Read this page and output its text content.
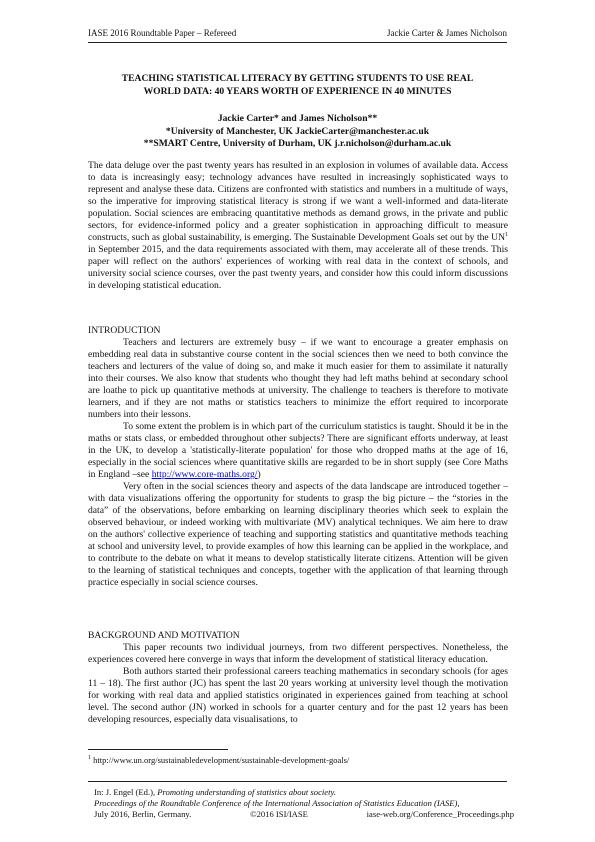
IASE 2016 Roundtable Paper – Refereed	Jackie Carter & James Nicholson
TEACHING STATISTICAL LITERACY BY GETTING STUDENTS TO USE REAL
WORLD DATA: 40 YEARS WORTH OF EXPERIENCE IN 40 MINUTES
Jackie Carter* and James Nicholson**
*University of Manchester, UK JackieCarter@manchester.ac.uk
**SMART Centre, University of Durham, UK j.r.nicholson@durham.ac.uk

The data deluge over the past twenty years has resulted in an explosion in volumes of available data. Access to data is increasingly easy; technology advances have resulted in increasingly sophisticated ways to represent and analyse these data. Citizens are confronted with statistics and numbers in a multitude of ways, so the imperative for improving statistical literacy is strong if we want a well-informed and data-literate population. Social sciences are embracing quantitative methods as demand grows, in the private and public sectors, for evidence-informed policy and a greater sophistication in approaching difficult to measure constructs, such as global sustainability, is emerging. The Sustainable Development Goals set out by the $UN^1$ in September 2015, and the data requirements associated with them, may accelerate all of these trends. This paper will reflect on the authors' experiences of working with real data in the context of schools, and university social science courses, over the past twenty years, and consider how this could inform discussions in developing statistical education.

INTRODUCTION

Teachers and lecturers are extremely busy – if we want to encourage a greater emphasis on embedding real data in substantive course content in the social sciences then we need to both convince the teachers and lecturers of the value of doing so, and make it much easier for them to assimilate it naturally into their courses. We also know that students who thought they had left maths behind at secondary school are loathe to pick up quantitative methods at university. The challenge to teachers is therefore to motivate learners, and if they are not maths or statistics teachers to minimize the effort required to incorporate numbers into their lessons.

To some extent the problem is in which part of the curriculum statistics is taught. Should it be in the maths or stats class, or embedded throughout other subjects? There are significant efforts underway, at least in the UK, to develop a 'statistically-literate population' for those who dropped maths at the age of 16, especially in the social sciences where quantitative skills are regarded to be in short supply (see Core Maths in England –see http://www.core-maths.org/)

Very often in the social sciences theory and aspects of the data landscape are introduced together – with data visualizations offering the opportunity for students to grasp the big picture – the “stories in the data” of the observations, before embarking on learning disciplinary theories which seek to explain the observed behaviour, or indeed working with multivariate (MV) analytical techniques. We aim here to draw on the authors' collective experience of teaching and supporting statistics and quantitative methods teaching at school and university level, to provide examples of how this learning can be applied in the workplace, and to contribute to the debate on what it means to develop statistically literate citizens. Attention will be given to the learning of statistical techniques and concepts, together with the application of that learning through practice especially in social science courses.

BACKGROUND AND MOTIVATION

This paper recounts two individual journeys, from two different perspectives. Nonetheless, the experiences covered here converge in ways that inform the development of statistical literacy education.

Both authors started their professional careers teaching mathematics in secondary schools (for ages 11 – 18). The first author (JC) has spent the last 20 years working at university level though the motivation for working with real data and applied statistics originated in experiences gained from teaching at school level. The second author (JN) worked in schools for a quarter century and for the past 12 years has been developing resources, especially data visualisations, to

$^1$ http://www.un.org/sustainabledevelopment/sustainable-development-goals/
In: J. Engel (Ed.), Promoting understanding of statistics about society.
Proceedings of the Roundtable Conference of the International Association of Statistics Education (IASE),
July 2016, Berlin, Germany.	©2016 ISI/IASE	iase-web.org/Conference_Proceedings.php
